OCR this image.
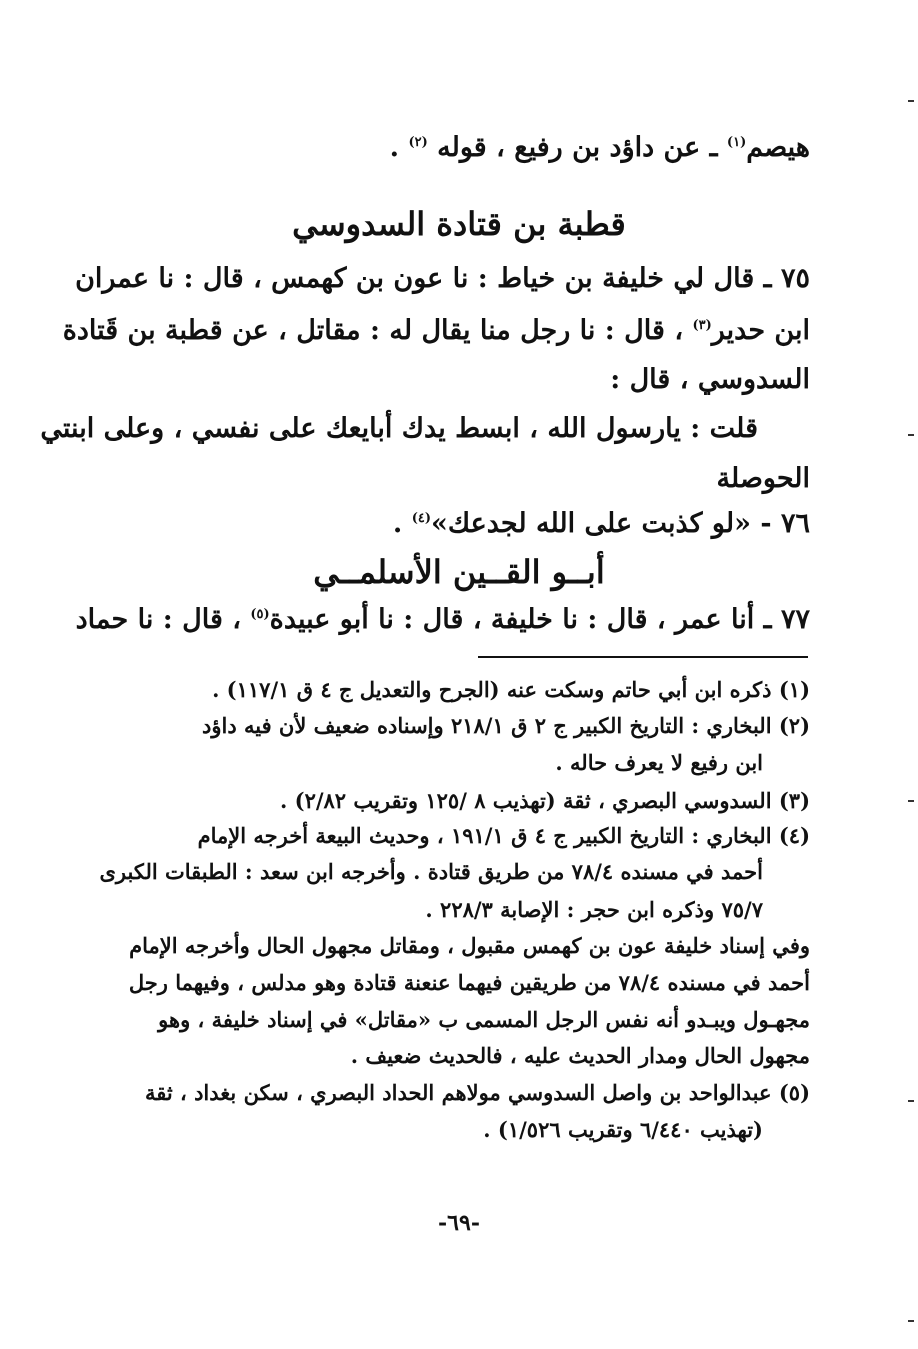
هيصم$^{(١)}$ ـ عن داؤد بن رفيع ، قوله $^{(٢)}$ .
قطبة بن قتادة السدوسي
٧٥ ـ قال لي خليفة بن خياط : نا عون بن كهمس ، قال : نا عمران
ابن حدير$^{(٣)}$ ، قال : نا رجل منا يقال له : مقاتل ، عن قطبة بن قَتادة
السدوسي ، قال :
قلت : يارسول الله ، ابسط يدك أبايعك على نفسي ، وعلى ابنتي
الحوصلة
٧٦ - «لو كذبت على الله لجدعك»$^{(٤)}$ .
أبــو القــين الأسلمــي
٧٧ ـ أنا عمر ، قال : نا خليفة ، قال : نا أبو عبيدة$^{(٥)}$ ، قال : نا حماد
(١) ذكره ابن أبي حاتم وسكت عنه (الجرح والتعديل ج ٤ ق ١١٧/١) .
(٢) البخاري : التاريخ الكبير ج ٢ ق ٢١٨/١ وإسناده ضعيف لأن فيه داؤد
ابن رفيع لا يعرف حاله .
(٣) السدوسي البصري ، ثقة (تهذيب ٨ /١٢٥ وتقريب ٢/٨٢) .
(٤) البخاري : التاريخ الكبير ج ٤ ق ١٩١/١ ، وحديث البيعة أخرجه الإمام
أحمد في مسنده ٧٨/٤ من طريق قتادة . وأخرجه ابن سعد : الطبقات الكبرى
٧٥/٧ وذكره ابن حجر : الإصابة ٢٢٨/٣ .
وفي إسناد خليفة عون بن كهمس مقبول ، ومقاتل مجهول الحال وأخرجه الإمام
أحمد في مسنده ٧٨/٤ من طريقين فيهما عنعنة قتادة وهو مدلس ، وفيهما رجل
مجهـول ويبـدو أنه نفس الرجل المسمى ب «مقاتل» في إسناد خليفة ، وهو
مجهول الحال ومدار الحديث عليه ، فالحديث ضعيف .
(٥) عبدالواحد بن واصل السدوسي مولاهم الحداد البصري ، سكن بغداد ، ثقة
(تهذيب ٦/٤٤٠ وتقريب ١/٥٢٦) .
-٦٩-
